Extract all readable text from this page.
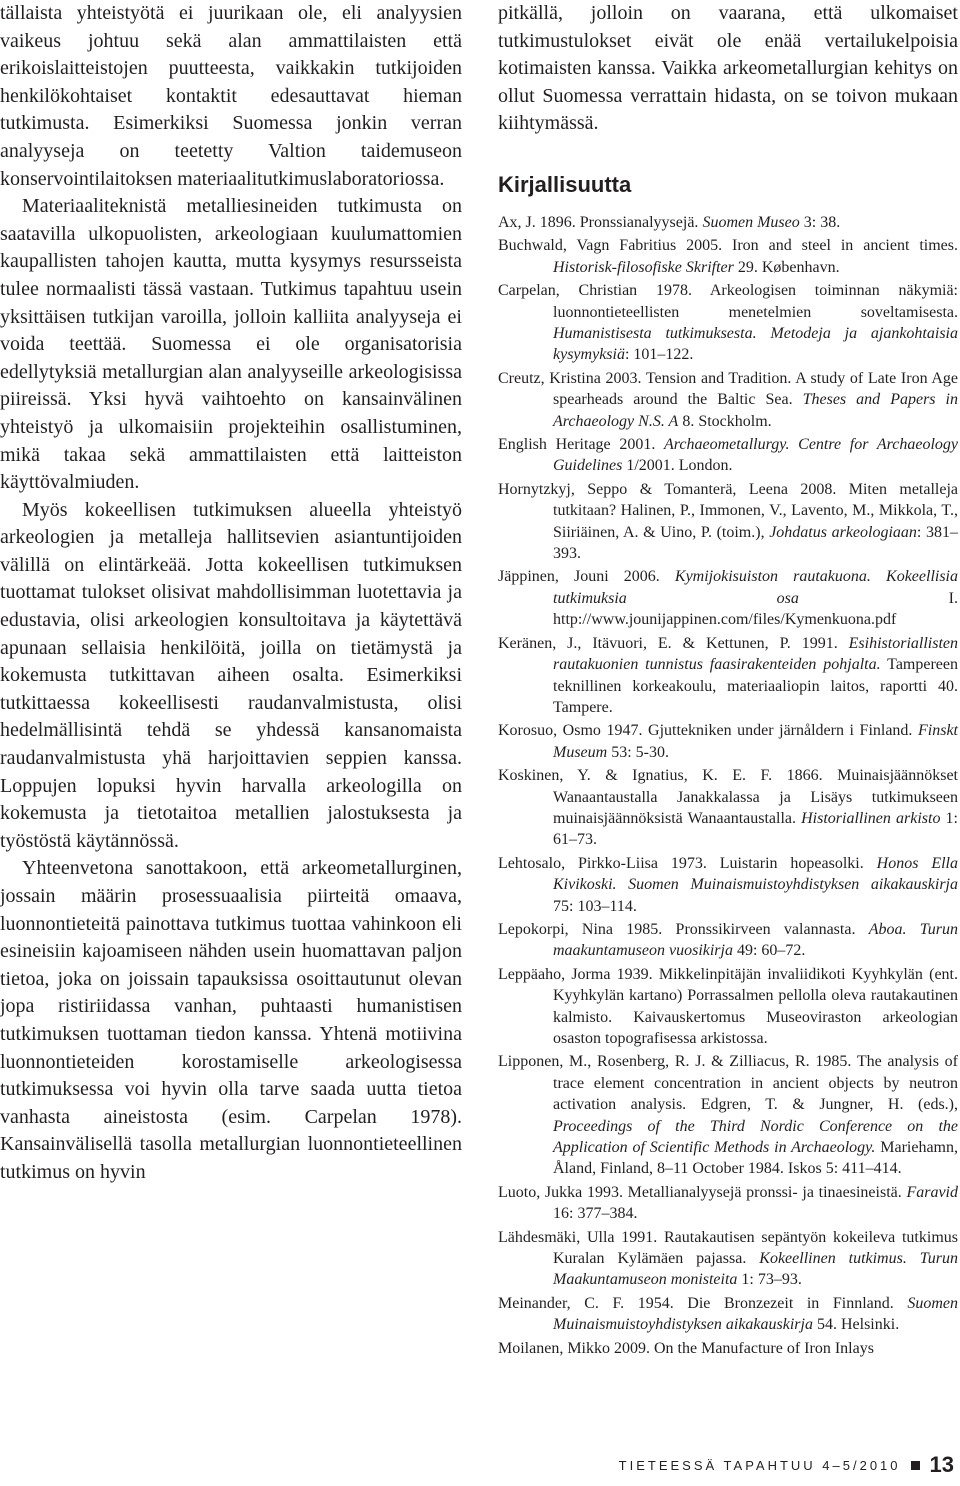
tällaista yhteistyötä ei juurikaan ole, eli analyysien vaikeus johtuu sekä alan ammattilaisten että erikoislaitteistojen puutteesta, vaikkakin tutkijoiden henkilökohtaiset kontaktit edesauttavat hieman tutkimusta. Esimerkiksi Suomessa jonkin verran analyyseja on teetetty Valtion taidemuseon konservointilaitoksen materiaalitutkimuslaboratoriossa.

Materiaaliteknistä metalliesineiden tutkimusta on saatavilla ulkopuolisten, arkeologiaan kuulumattomien kaupallisten tahojen kautta, mutta kysymys resursseista tulee normaalisti tässä vastaan. Tutkimus tapahtuu usein yksittäisen tutkijan varoilla, jolloin kalliita analyyseja ei voida teettää. Suomessa ei ole organisatorisia edellytyksiä metallurgian alan analyyseille arkeologisissa piireissä. Yksi hyvä vaihtoehto on kansainvälinen yhteistyö ja ulkomaisiin projekteihin osallistuminen, mikä takaa sekä ammattilaisten että laitteiston käyttövalmiuden.

Myös kokeellisen tutkimuksen alueella yhteistyö arkeologien ja metalleja hallitsevien asiantuntijoiden välillä on elintärkeää. Jotta kokeellisen tutkimuksen tuottamat tulokset olisivat mahdollisimman luotettavia ja edustavia, olisi arkeologien konsultoitava ja käytettävä apunaan sellaisia henkilöitä, joilla on tietämystä ja kokemusta tutkittavan aiheen osalta. Esimerkiksi tutkittaessa kokeellisesti raudanvalmistusta, olisi hedelmällisintä tehdä se yhdessä kansanomaista raudanvalmistusta yhä harjoittavien seppien kanssa. Loppujen lopuksi hyvin harvalla arkeologilla on kokemusta ja tietotaitoa metallien jalostuksesta ja työstöstä käytännössä.

Yhteenvetona sanottakoon, että arkeometallurginen, jossain määrin prosessuaalisia piirteitä omaava, luonnontieteitä painottava tutkimus tuottaa vahinkoon eli esineisiin kajoamiseen nähden usein huomattavan paljon tietoa, joka on joissain tapauksissa osoittautunut olevan jopa ristiriidassa vanhan, puhtaasti humanistisen tutkimuksen tuottaman tiedon kanssa. Yhtenä motiivina luonnontieteiden korostamiselle arkeologisessa tutkimuksessa voi hyvin olla tarve saada uutta tietoa vanhasta aineistosta (esim. Carpelan 1978). Kansainvälisellä tasolla metallurgian luonnontieteellinen tutkimus on hyvin

pitkällä, jolloin on vaarana, että ulkomaiset tutkimustulokset eivät ole enää vertailukelpoisia kotimaisten kanssa. Vaikka arkeometallurgian kehitys on ollut Suomessa verrattain hidasta, on se toivon mukaan kiihtymässä.

Kirjallisuutta
Ax, J. 1896. Pronssianalyysejä. Suomen Museo 3: 38.
Buchwald, Vagn Fabritius 2005. Iron and steel in ancient times. Historisk-filosofiske Skrifter 29. København.
Carpelan, Christian 1978. Arkeologisen toiminnan näkymiä: luonnontieteellisten menetelmien soveltamisesta. Humanistisesta tutkimuksesta. Metodeja ja ajankohtaisia kysymyksiä: 101–122.
Creutz, Kristina 2003. Tension and Tradition. A study of Late Iron Age spearheads around the Baltic Sea. Theses and Papers in Archaeology N.S. A 8. Stockholm.
English Heritage 2001. Archaeometallurgy. Centre for Archaeology Guidelines 1/2001. London.
Hornytzkyj, Seppo & Tomanterä, Leena 2008. Miten metalleja tutkitaan? Halinen, P., Immonen, V., Lavento, M., Mikkola, T., Siiriäinen, A. & Uino, P. (toim.), Johdatus arkeologiaan: 381–393.
Jäppinen, Jouni 2006. Kymijokisuiston rautakuona. Kokeellisia tutkimuksia osa I. http://www.jounijappinen.com/files/Kymenkuona.pdf
Keränen, J., Itävuori, E. & Kettunen, P. 1991. Esihistoriallisten rautakuonien tunnistus faasirakenteiden pohjalta. Tampereen teknillinen korkeakoulu, materiaaliopin laitos, raportti 40. Tampere.
Korosuo, Osmo 1947. Gjuttekniken under järnåldern i Finland. Finskt Museum 53: 5-30.
Koskinen, Y. & Ignatius, K. E. F. 1866. Muinaisjäännökset Wanaantaustalla Janakkalassa ja Lisäys tutkimukseen muinaisjäännöksistä Wanaantaustalla. Historiallinen arkisto 1: 61–73.
Lehtosalo, Pirkko-Liisa 1973. Luistarin hopeasolki. Honos Ella Kivikoski. Suomen Muinaismuistoyhdistyksen aikakauskirja 75: 103–114.
Lepokorpi, Nina 1985. Pronssikirveen valannasta. Aboa. Turun maakuntamuseon vuosikirja 49: 60–72.
Leppäaho, Jorma 1939. Mikkelinpitäjän invaliidikoti Kyyhkylän (ent. Kyyhkylän kartano) Porrassalmen pellolla oleva rautakautinen kalmisto. Kaivauskertomus Museoviraston arkeologian osaston topografisessa arkistossa.
Lipponen, M., Rosenberg, R. J. & Zilliacus, R. 1985. The analysis of trace element concentration in ancient objects by neutron activation analysis. Edgren, T. & Jungner, H. (eds.), Proceedings of the Third Nordic Conference on the Application of Scientific Methods in Archaeology. Mariehamn, Åland, Finland, 8–11 October 1984. Iskos 5: 411–414.
Luoto, Jukka 1993. Metallianalyysejä pronssi- ja tinaesineistä. Faravid 16: 377–384.
Lähdesmäki, Ulla 1991. Rautakautisen sepäntyön kokeileva tutkimus Kuralan Kylämäen pajassa. Kokeellinen tutkimus. Turun Maakuntamuseon monisteita 1: 73–93.
Meinander, C. F. 1954. Die Bronzezeit in Finnland. Suomen Muinaismuistoyhdistyksen aikakauskirja 54. Helsinki.
Moilanen, Mikko 2009. On the Manufacture of Iron Inlays
TIETEESSÄ TAPAHTUU 4–5/2010 13
